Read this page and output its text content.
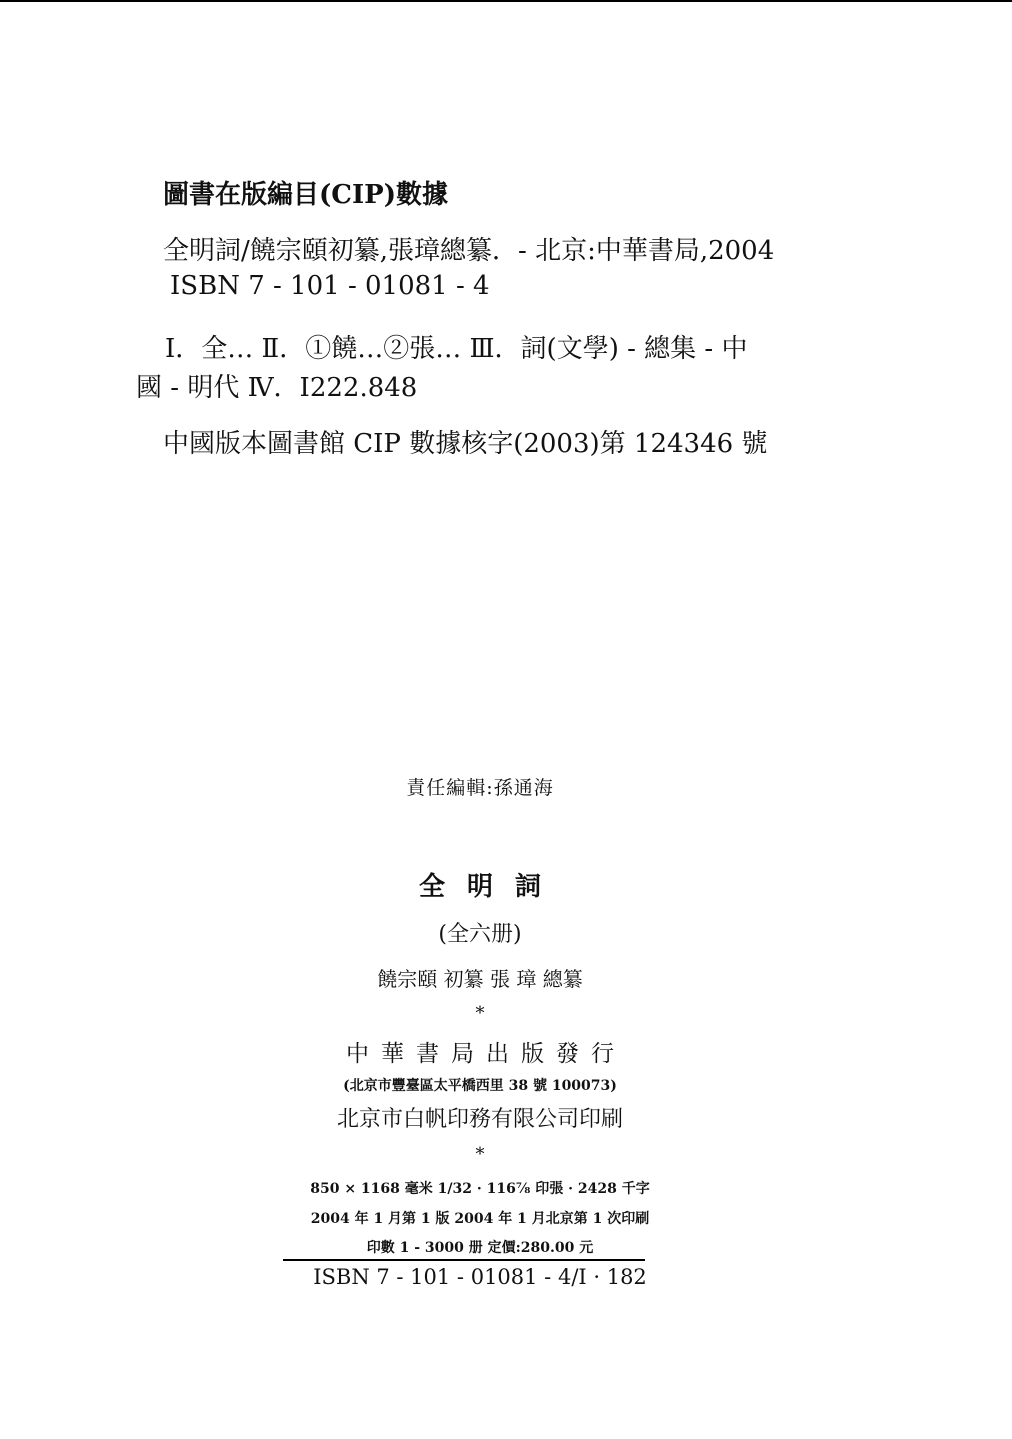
圖書在版編目(CIP)數據
全明詞/饒宗頤初纂,張璋總纂．- 北京:中華書局,2004
ISBN 7 - 101 - 01081 - 4
Ⅰ．全… Ⅱ．①饒…②張… Ⅲ．詞(文學) - 總集 - 中
國 - 明代 Ⅳ．I222.848
中國版本圖書館 CIP 數據核字(2003)第 124346 號
責任編輯:孫通海
全明詞
(全六册)
饒宗頤 初纂 張 璋 總纂
*
中華書局出版發行
(北京市豐臺區太平橋西里 38 號 100073)
北京市白帆印務有限公司印刷
*
850 × 1168 毫米 1/32 · 116⁷⁄₈ 印張 · 2428 千字
2004 年 1 月第 1 版 2004 年 1 月北京第 1 次印刷
印數 1 - 3000 册 定價:280.00 元
ISBN 7 - 101 - 01081 - 4/I · 182
